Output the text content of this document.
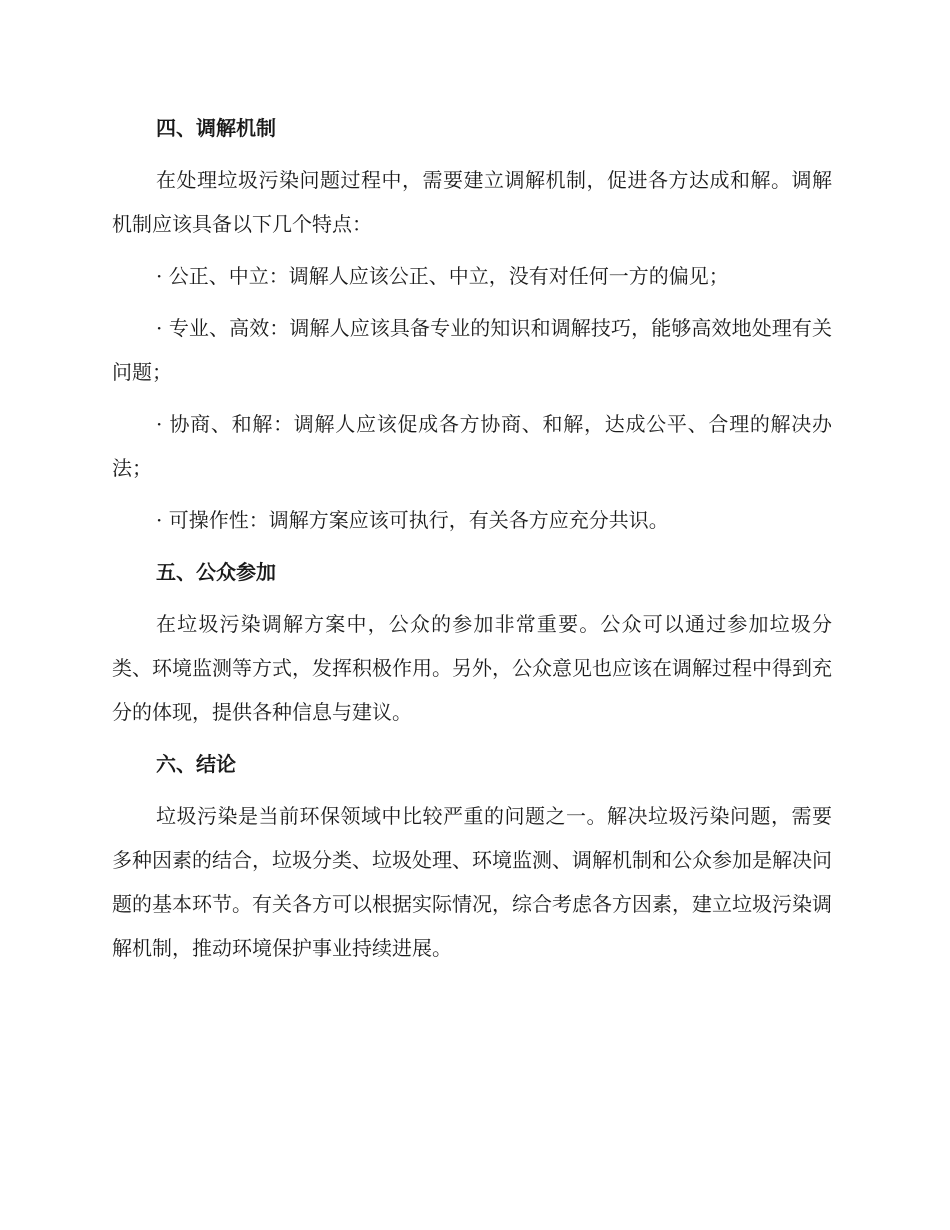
四、调解机制

在处理垃圾污染问题过程中，需要建立调解机制，促进各方达成和解。调解机制应该具备以下几个特点：

· 公正、中立：调解人应该公正、中立，没有对任何一方的偏见；

· 专业、高效：调解人应该具备专业的知识和调解技巧，能够高效地处理有关问题；

· 协商、和解：调解人应该促成各方协商、和解，达成公平、合理的解决办法；

· 可操作性：调解方案应该可执行，有关各方应充分共识。

五、公众参加

在垃圾污染调解方案中，公众的参加非常重要。公众可以通过参加垃圾分类、环境监测等方式，发挥积极作用。另外，公众意见也应该在调解过程中得到充分的体现，提供各种信息与建议。

六、结论

垃圾污染是当前环保领域中比较严重的问题之一。解决垃圾污染问题，需要多种因素的结合，垃圾分类、垃圾处理、环境监测、调解机制和公众参加是解决问题的基本环节。有关各方可以根据实际情况，综合考虑各方因素，建立垃圾污染调解机制，推动环境保护事业持续进展。
